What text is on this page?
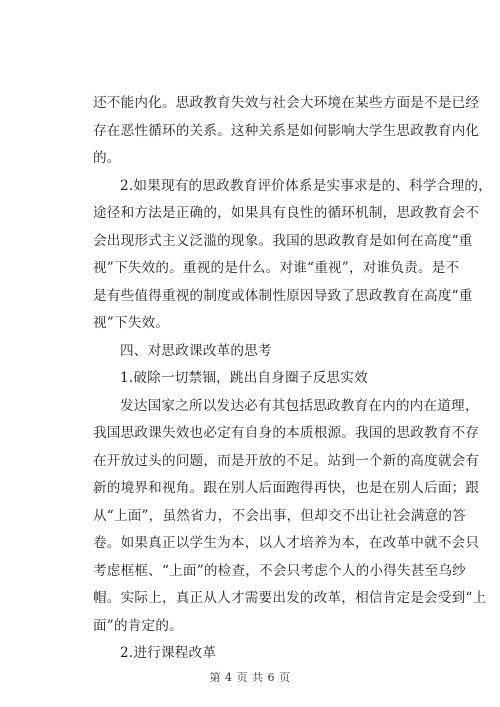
还不能内化。思政教育失效与社会大环境在某些方面是不是已经
存在恶性循环的关系。这种关系是如何影响大学生思政教育内化
的。
2.如果现有的思政教育评价体系是实事求是的、科学合理的，
途径和方法是正确的，如果具有良性的循环机制，思政教育会不
会出现形式主义泛滥的现象。我国的思政教育是如何在高度“重
视”下失效的。重视的是什么。对谁“重视”，对谁负责。是不
是有些值得重视的制度或体制性原因导致了思政教育在高度“重
视”下失效。
四、对思政课改革的思考
1.破除一切禁锢，跳出自身圈子反思实效
发达国家之所以发达必有其包括思政教育在内的内在道理，
我国思政课失效也必定有自身的本质根源。我国的思政教育不存
在开放过头的问题，而是开放的不足。站到一个新的高度就会有
新的境界和视角。跟在别人后面跑得再快，也是在别人后面；跟
从“上面”，虽然省力，不会出事，但却交不出让社会满意的答
卷。如果真正以学生为本，以人才培养为本，在改革中就不会只
考虑框框、“上面”的检查，不会只考虑个人的小得失甚至乌纱
帽。实际上，真正从人才需要出发的改革，相信肯定是会受到“上
面”的肯定的。
2.进行课程改革
第 4 页 共 6 页
